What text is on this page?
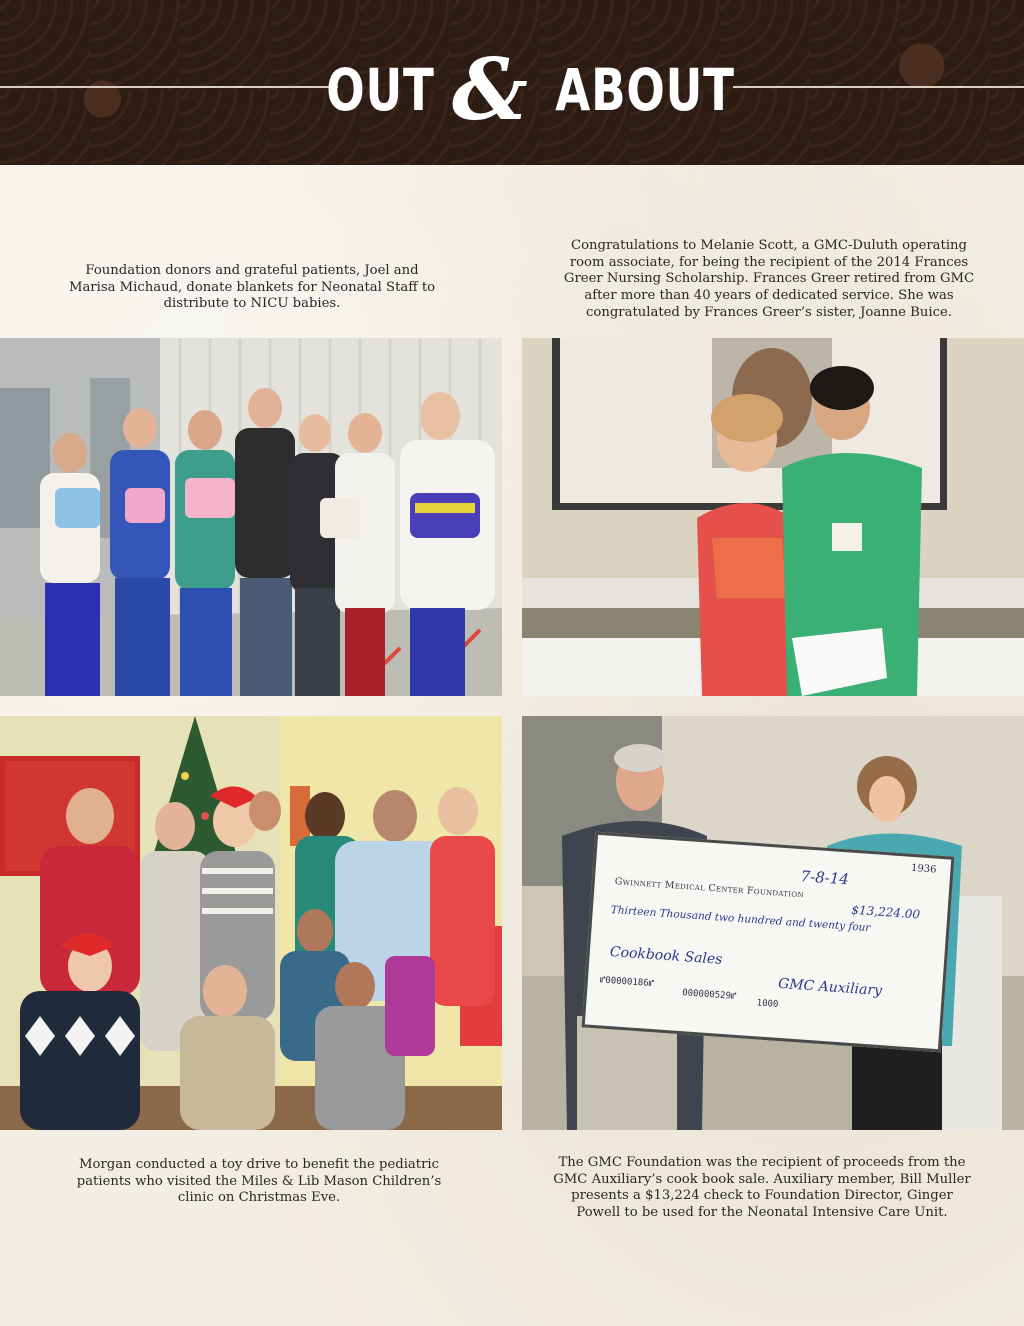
OUT & ABOUT
Foundation donors and grateful patients, Joel and Marisa Michaud, donate blankets for Neonatal Staff to distribute to NICU babies.
Congratulations to Melanie Scott, a GMC-Duluth operating room associate, for being the recipient of the 2014 Frances Greer Nursing Scholarship. Frances Greer retired from GMC after more than 40 years of dedicated service. She was congratulated by Frances Greer’s sister, Joanne Buice.
Morgan conducted a toy drive to benefit the pediatric patients who visited the Miles & Lib Mason Children’s clinic on Christmas Eve.
The GMC Foundation was the recipient of proceeds from the GMC Auxiliary’s cook book sale. Auxiliary member, Bill Muller presents a $13,224 check to Foundation Director, Ginger Powell to be used for the Neonatal Intensive Care Unit.
1936
7-8-14
Gwinnett Medical Center Foundation
$13,224.00
Thirteen Thousand two hundred and twenty four
Cookbook Sales
GMC Auxiliary
⑈00000186⑈
000000529⑈
1000
